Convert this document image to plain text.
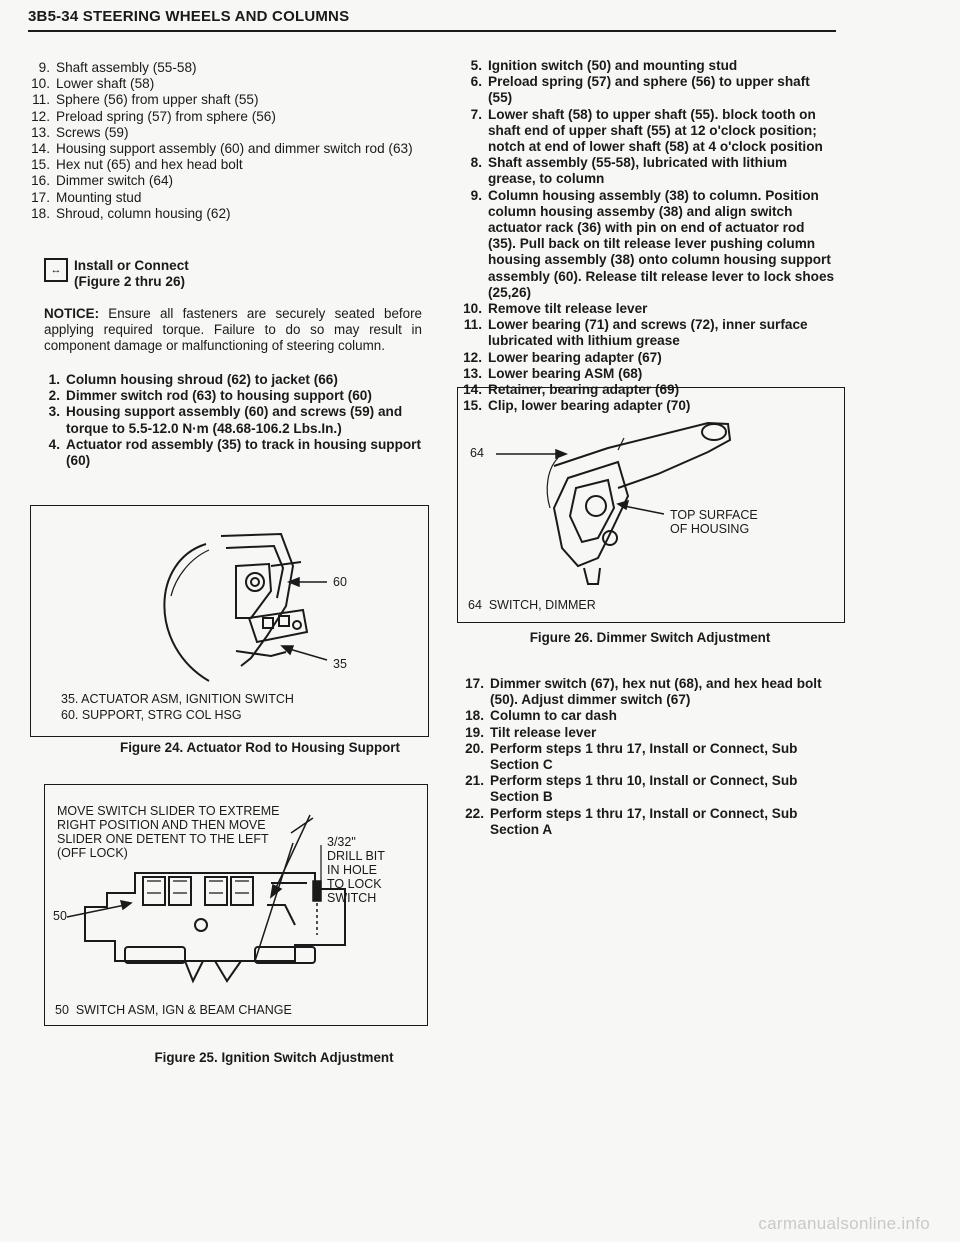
3B5-34 STEERING WHEELS AND COLUMNS
9. Shaft assembly (55-58)
10. Lower shaft (58)
11. Sphere (56) from upper shaft (55)
12. Preload spring (57) from sphere (56)
13. Screws (59)
14. Housing support assembly (60) and dimmer switch rod (63)
15. Hex nut (65) and hex head bolt
16. Dimmer switch (64)
17. Mounting stud
18. Shroud, column housing (62)
↔ Install or Connect
(Figure 2 thru 26)
NOTICE: Ensure all fasteners are securely seated before applying required torque. Failure to do so may result in component damage or malfunctioning of steering column.
1. Column housing shroud (62) to jacket (66)
2. Dimmer switch rod (63) to housing support (60)
3. Housing support assembly (60) and screws (59) and torque to 5.5-12.0 N·m (48.68-106.2 Lbs.In.)
4. Actuator rod assembly (35) to track in housing support (60)
60
35
35. ACTUATOR ASM, IGNITION SWITCH
60. SUPPORT, STRG COL HSG
Figure 24. Actuator Rod to Housing Support
MOVE SWITCH SLIDER TO EXTREME
RIGHT POSITION AND THEN MOVE
SLIDER ONE DETENT TO THE LEFT
(OFF LOCK)
3/32"
DRILL BIT
IN HOLE
TO LOCK
SWITCH
50
50  SWITCH ASM, IGN & BEAM CHANGE
Figure 25. Ignition Switch Adjustment
5. Ignition switch (50) and mounting stud
6. Preload spring (57) and sphere (56) to upper shaft (55)
7. Lower shaft (58) to upper shaft (55). block tooth on shaft end of upper shaft (55) at 12 o'clock position; notch at end of lower shaft (58) at 4 o'clock position
8. Shaft assembly (55-58), lubricated with lithium grease, to column
9. Column housing assembly (38) to column. Position column housing assemby (38) and align switch actuator rack (36) with pin on end of actuator rod (35). Pull back on tilt release lever pushing column housing assembly (38) onto column housing support assembly (60). Release tilt release lever to lock shoes (25,26)
10. Remove tilt release lever
11. Lower bearing (71) and screws (72), inner surface lubricated with lithium grease
12. Lower bearing adapter (67)
13. Lower bearing ASM (68)
14. Retainer, bearing adapter (69)
15. Clip, lower bearing adapter (70)
64
TOP SURFACE
OF HOUSING
64  SWITCH, DIMMER
Figure 26. Dimmer Switch Adjustment
17. Dimmer switch (67), hex nut (68), and hex head bolt (50). Adjust dimmer switch (67)
18. Column to car dash
19. Tilt release lever
20. Perform steps 1 thru 17, Install or Connect, Sub Section C
21. Perform steps 1 thru 10, Install or Connect, Sub Section B
22. Perform steps 1 thru 17, Install or Connect, Sub Section A
carmanualsonline.info
